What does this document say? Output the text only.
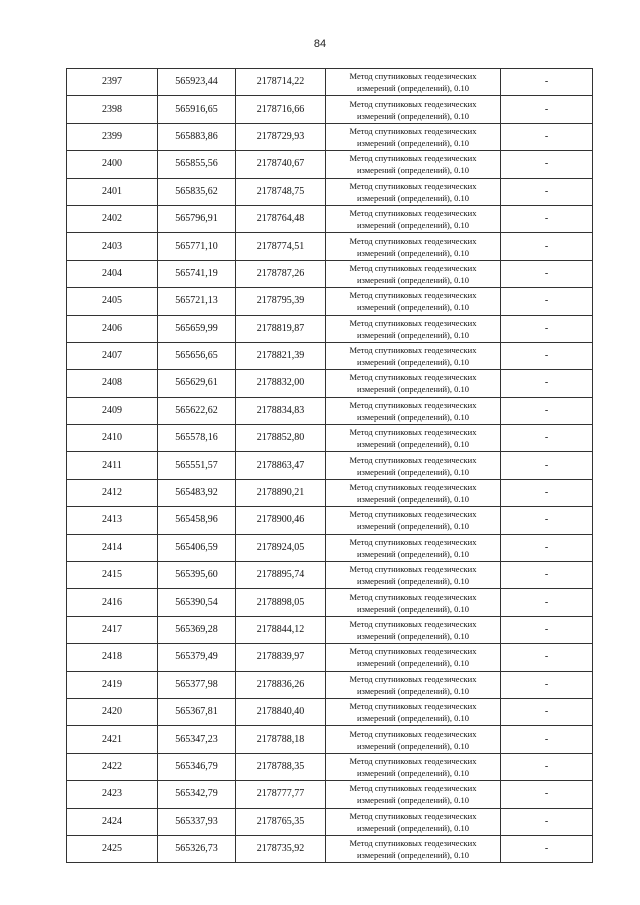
84
2397	565923,44	2178714,22	Метод спутниковых геодезических
измерений (определений), 0.10	-
2398	565916,65	2178716,66	Метод спутниковых геодезических
измерений (определений), 0.10	-
2399	565883,86	2178729,93	Метод спутниковых геодезических
измерений (определений), 0.10	-
2400	565855,56	2178740,67	Метод спутниковых геодезических
измерений (определений), 0.10	-
2401	565835,62	2178748,75	Метод спутниковых геодезических
измерений (определений), 0.10	-
2402	565796,91	2178764,48	Метод спутниковых геодезических
измерений (определений), 0.10	-
2403	565771,10	2178774,51	Метод спутниковых геодезических
измерений (определений), 0.10	-
2404	565741,19	2178787,26	Метод спутниковых геодезических
измерений (определений), 0.10	-
2405	565721,13	2178795,39	Метод спутниковых геодезических
измерений (определений), 0.10	-
2406	565659,99	2178819,87	Метод спутниковых геодезических
измерений (определений), 0.10	-
2407	565656,65	2178821,39	Метод спутниковых геодезических
измерений (определений), 0.10	-
2408	565629,61	2178832,00	Метод спутниковых геодезических
измерений (определений), 0.10	-
2409	565622,62	2178834,83	Метод спутниковых геодезических
измерений (определений), 0.10	-
2410	565578,16	2178852,80	Метод спутниковых геодезических
измерений (определений), 0.10	-
2411	565551,57	2178863,47	Метод спутниковых геодезических
измерений (определений), 0.10	-
2412	565483,92	2178890,21	Метод спутниковых геодезических
измерений (определений), 0.10	-
2413	565458,96	2178900,46	Метод спутниковых геодезических
измерений (определений), 0.10	-
2414	565406,59	2178924,05	Метод спутниковых геодезических
измерений (определений), 0.10	-
2415	565395,60	2178895,74	Метод спутниковых геодезических
измерений (определений), 0.10	-
2416	565390,54	2178898,05	Метод спутниковых геодезических
измерений (определений), 0.10	-
2417	565369,28	2178844,12	Метод спутниковых геодезических
измерений (определений), 0.10	-
2418	565379,49	2178839,97	Метод спутниковых геодезических
измерений (определений), 0.10	-
2419	565377,98	2178836,26	Метод спутниковых геодезических
измерений (определений), 0.10	-
2420	565367,81	2178840,40	Метод спутниковых геодезических
измерений (определений), 0.10	-
2421	565347,23	2178788,18	Метод спутниковых геодезических
измерений (определений), 0.10	-
2422	565346,79	2178788,35	Метод спутниковых геодезических
измерений (определений), 0.10	-
2423	565342,79	2178777,77	Метод спутниковых геодезических
измерений (определений), 0.10	-
2424	565337,93	2178765,35	Метод спутниковых геодезических
измерений (определений), 0.10	-
2425	565326,73	2178735,92	Метод спутниковых геодезических
измерений (определений), 0.10	-
